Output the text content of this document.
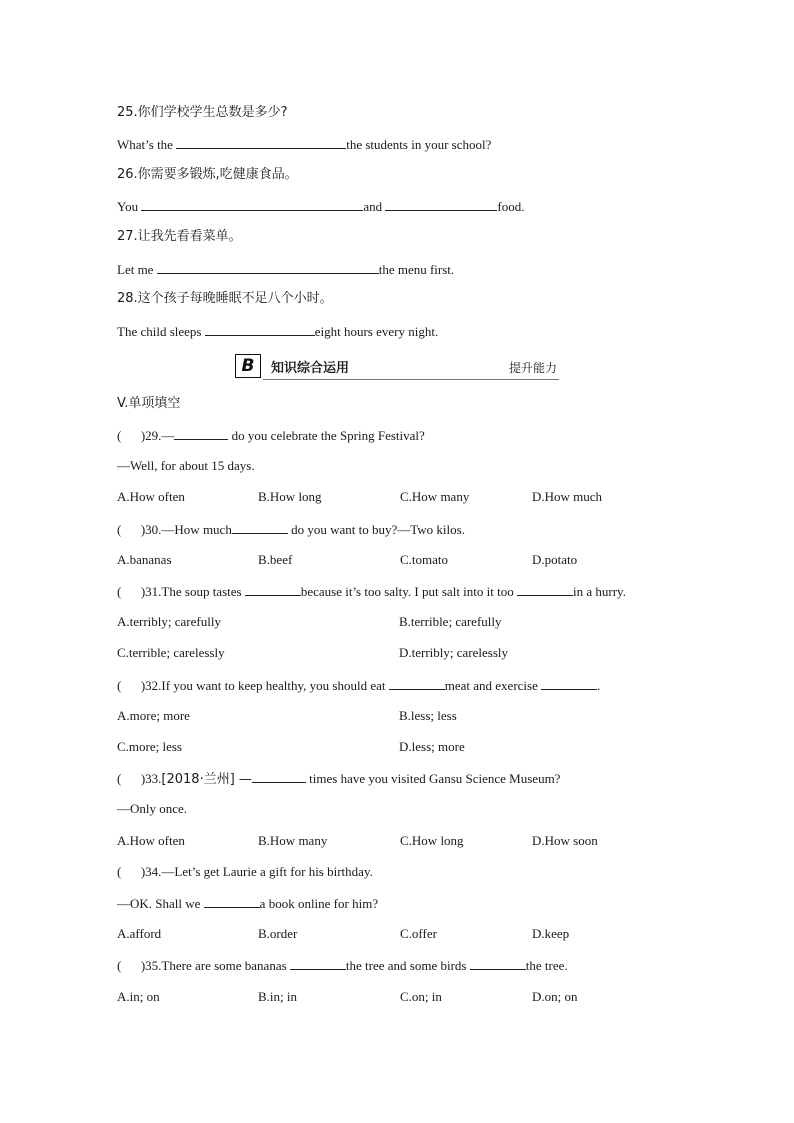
25.你们学校学生总数是多少?
What’s the	the students in your school?
26.你需要多锻炼,吃健康食品。
You	and	food.
27.让我先看看菜单。
Let me	the menu first.
28.这个孩子每晚睡眠不足八个小时。
The child sleeps	eight hours every night.
B	知识综合运用	提升能力
V.单项填空
(      )29.—	do you celebrate the Spring Festival?
—Well, for about 15 days.
A.How often	B.How long	C.How many	D.How much
(      )30.—How much	do you want to buy?—Two kilos.
A.bananas	B.beef	C.tomato	D.potato
(      )31.The soup tastes	because it’s too salty. I put salt into it too	in a hurry.
A.terribly; carefully	B.terrible; carefully
C.terrible; carelessly	D.terribly; carelessly
(      )32.If you want to keep healthy, you should eat	meat and exercise	.
A.more; more	B.less; less
C.more; less	D.less; more
(      )33.[2018·兰州] —	times have you visited Gansu Science Museum?
—Only once.
A.How often	B.How many	C.How long	D.How soon
(      )34.—Let’s get Laurie a gift for his birthday.
—OK. Shall we	a book online for him?
A.afford	B.order	C.offer	D.keep
(      )35.There are some bananas	the tree and some birds	the tree.
A.in; on	B.in; in	C.on; in	D.on; on
